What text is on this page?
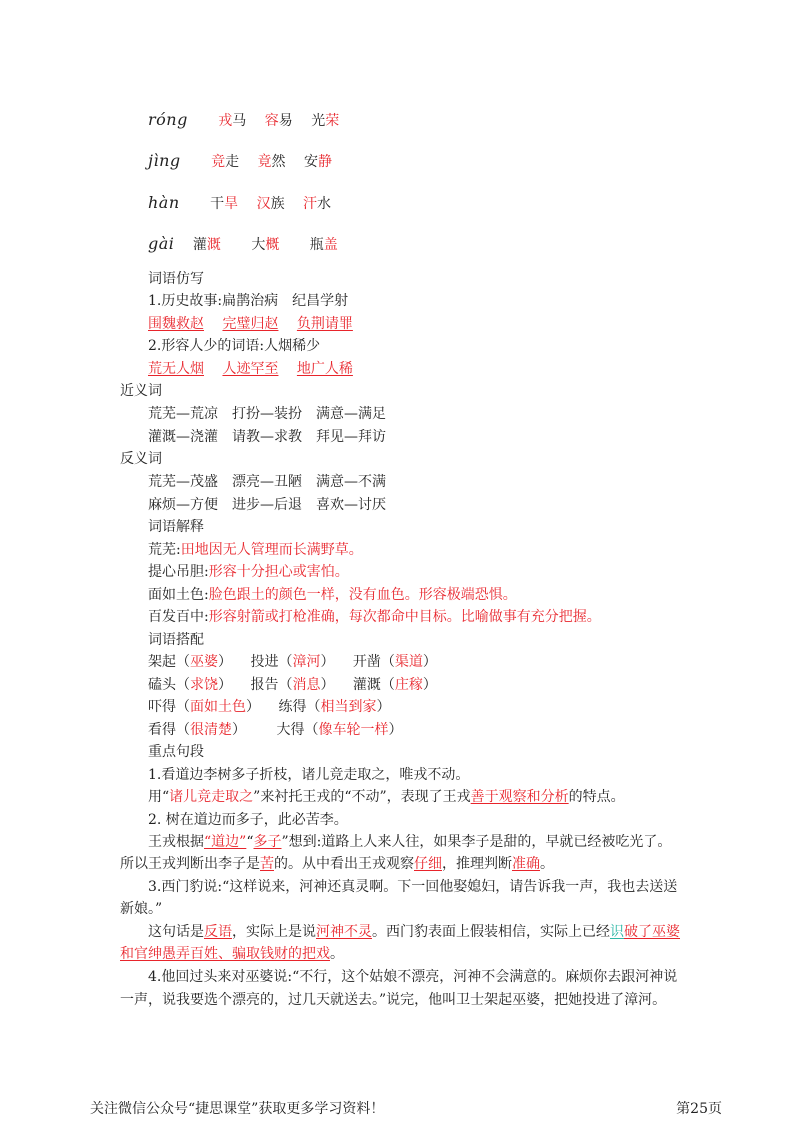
róng 戎马 容易 光荣
jìng 竞走 竟然 安静
hàn 干旱 汉族 汗水
gài 灌溉 大概 瓶盖
词语仿写
1.历史故事:扁鹊治病　纪昌学射
围魏救赵 完璧归赵 负荆请罪
2.形容人少的词语:人烟稀少
荒无人烟 人迹罕至 地广人稀
近义词
荒芜—荒凉　打扮—装扮　满意—满足
灌溉—浇灌　请教—求教　拜见—拜访
反义词
荒芜—茂盛　漂亮—丑陋　满意—不满
麻烦—方便　进步—后退　喜欢—讨厌
词语解释
荒芜:田地因无人管理而长满野草。
提心吊胆:形容十分担心或害怕。
面如土色:脸色跟土的颜色一样，没有血色。形容极端恐惧。
百发百中:形容射箭或打枪准确，每次都命中目标。比喻做事有充分把握。
词语搭配
架起（巫婆） 投进（漳河） 开凿（渠道）
磕头（求饶） 报告（消息） 灌溉（庄稼）
吓得（面如土色） 练得（相当到家）
看得（很清楚） 大得（像车轮一样）
重点句段
1.看道边李树多子折枝，诸儿竞走取之，唯戎不动。
用“诸儿竞走取之”来衬托王戎的“不动”，表现了王戎善于观察和分析的特点。
2. 树在道边而多子，此必苦李。
王戎根据“道边”“多子”想到:道路上人来人往，如果李子是甜的，早就已经被吃光了。
所以王戎判断出李子是苦的。从中看出王戎观察仔细，推理判断准确。
3.西门豹说:“这样说来，河神还真灵啊。下一回他娶媳妇，请告诉我一声，我也去送送
新娘。”
这句话是反语，实际上是说河神不灵。西门豹表面上假装相信，实际上已经识破了巫婆
和官绅愚弄百姓、骗取钱财的把戏。
4.他回过头来对巫婆说:“不行，这个姑娘不漂亮，河神不会满意的。麻烦你去跟河神说
一声，说我要选个漂亮的，过几天就送去。”说完，他叫卫士架起巫婆，把她投进了漳河。
关注微信公众号“捷思课堂”获取更多学习资料！	第25页
